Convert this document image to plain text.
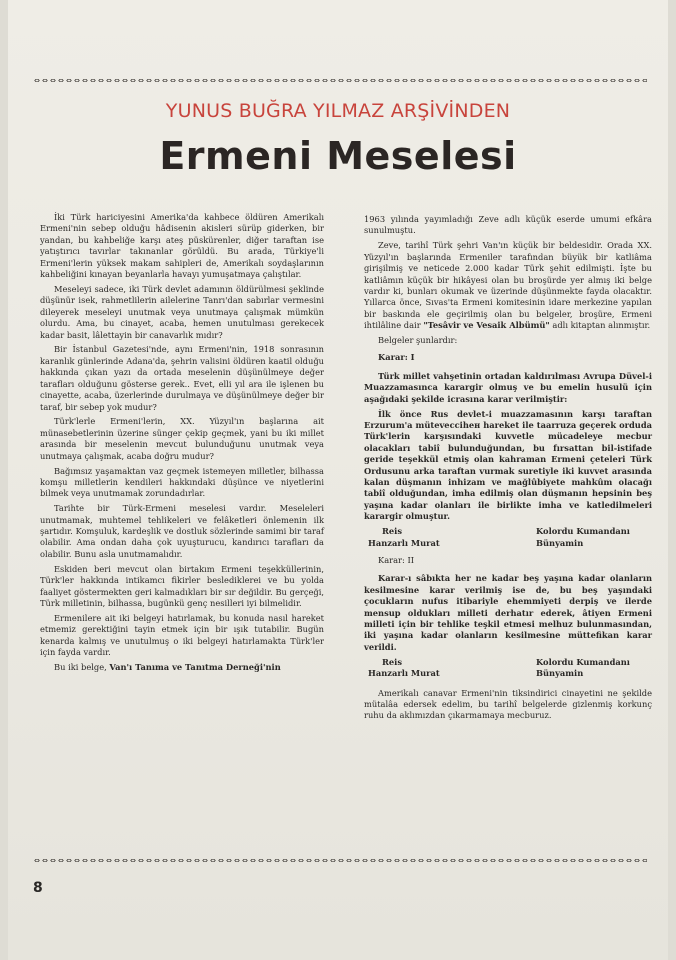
YUNUS BUĞRA YILMAZ ARŞİVİNDEN
Ermeni Meselesi

İki Türk hariciyesini Amerika'da kahbece öldüren Amerikalı Ermeni'nin sebep olduğu hâdisenin akisleri sürüp giderken, bir yandan, bu kahbeliğe karşı ateş püskürenler, diğer taraftan ise yatıştırıcı tavırlar takınanlar görüldü. Bu arada, Türkiye'li Ermeni'lerin yüksek makam sahipleri de, Amerikalı soydaşlarının kahbeliğini kınayan beyanlarla havayı yumuşatmaya çalıştılar.

Meseleyi sadece, iki Türk devlet adamının öldürülmesi şeklinde düşünür isek, rahmetlilerin ailelerine Tanrı'dan sabırlar vermesini dileyerek meseleyi unutmak veya unutmaya çalışmak mümkün olurdu. Ama, bu cinayet, acaba, hemen unutulması gerekecek kadar basit, lâlettayin bir canavarlık mıdır?

Bir İstanbul Gazetesi'nde, aynı Ermeni'nin, 1918 sonrasının karanlık günlerinde Adana'da, şehrin valisini öldüren kaatil olduğu hakkında çıkan yazı da ortada meselenin düşünülmeye değer tarafları olduğunu gösterse gerek.. Evet, elli yıl ara ile işlenen bu cinayette, acaba, üzerlerinde durulmaya ve düşünülmeye değer bir taraf, bir sebep yok mudur?

Türk'lerle Ermeni'lerin, XX. Yüzyıl'ın başlarına ait münasebetlerinin üzerine sünger çekip geçmek, yani bu iki millet arasında bir meselenin mevcut bulunduğunu unutmak veya unutmaya çalışmak, acaba doğru mudur?

Bağımsız yaşamaktan vaz geçmek istemeyen milletler, bilhassa komşu milletlerin kendileri hakkındaki düşünce ve niyetlerini bilmek veya unutmamak zorundadırlar.

Tarihte bir Türk-Ermeni meselesi vardır. Meseleleri unutmamak, muhtemel tehlikeleri ve felâketleri önlemenin ilk şartıdır. Komşuluk, kardeşlik ve dostluk sözlerinde samimi bir taraf olabilir. Ama ondan daha çok uyuşturucu, kandırıcı tarafları da olabilir. Bunu asla unutmamalıdır.

Eskiden beri mevcut olan birtakım Ermeni teşekküllerinin, Türk'ler hakkında intikamcı fikirler beslediklerei ve bu yolda faaliyet göstermekten geri kalmadıkları bir sır değildir. Bu gerçeği, Türk milletinin, bilhassa, bugünkü genç nesilleri iyi bilmelidir.

Ermenilere ait iki belgeyi hatırlamak, bu konuda nasıl hareket etmemiz gerektiğini tayin etmek için bir ışık tutabilir. Bugün kenarda kalmış ve unutulmuş o iki belgeyi hatırlamakta Türk'ler için fayda vardır.

Bu iki belge, Van'ı Tanıma ve Tanıtma Derneği'nin

1963 yılında yayımladığı Zeve adlı küçük eserde umumi efkâra sunulmuştu.

Zeve, tarihî Türk şehri Van'ın küçük bir beldesidir. Orada XX. Yüzyıl'ın başlarında Ermeniler tarafından büyük bir katliâma girişilmiş ve neticede 2.000 kadar Türk şehit edilmişti. İşte bu katliâmın küçük bir hikâyesi olan bu broşürde yer almış iki belge vardır ki, bunları okumak ve üzerinde düşünmekte fayda olacaktır. Yıllarca önce, Sıvas'ta Ermeni komitesinin idare merkezine yapılan bir baskında ele geçirilmiş olan bu belgeler, broşüre, Ermeni ihtilâline dair "Tesâvir ve Vesaik Albümü" adlı kitaptan alınmıştır.

Belgeler şunlardır:

Karar: I

Türk millet vahşetinin ortadan kaldırılması Avrupa Düvel-i Muazzamasınca karargir olmuş ve bu emelin husulü için aşağıdaki şekilde icrasına karar verilmiştir:

İlk önce Rus devlet-i muazzamasının karşı taraftan Erzurum'a mütevecciheн hareket ile taarruza geçerek orduda Türk'lerin karşısındaki kuvvetle mücadeleye mecbur olacakları tabiî bulunduğundan, bu fırsattan bil-istifade geride teşekkül etmiş olan kahraman Ermeni çeteleri Türk Ordusunu arka taraftan vurmak suretiyle iki kuvvet arasında kalan düşmanın inhizam ve mağlûbiyete mahkûm olacağı tabiî olduğundan, imha edilmiş olan düşmanın hepsinin beş yaşına kadar olanları ile birlikte imha ve katledilmeleri karargir olmuştur.

Reis	Kolordu Kumandanı
Hanzarlı Murat	Bünyamin
Karar: II

Karar-ı sâbıkta her ne kadar beş yaşına kadar olanların kesilmesine karar verilmiş ise de, bu beş yaşındaki çocukların nufus itibariyle ehemmiyeti derpiş ve ilerde mensup oldukları milleti derhatır ederek, âtiyen Ermeni milleti için bir tehlike teşkil etmesi melhuz bulunmasından, iki yaşına kadar olanların kesilmesine müttefikan karar verildi.

Reis	Kolordu Kumandanı
Hanzarlı Murat	Bünyamin

Amerikalı canavar Ermeni'nin tiksindirici cinayetini ne şekilde mütalâa edersek edelim, bu tarihî belgelerde gizlenmiş korkunç ruhu da aklımızdan çıkarmamaya mecburuz.

8
